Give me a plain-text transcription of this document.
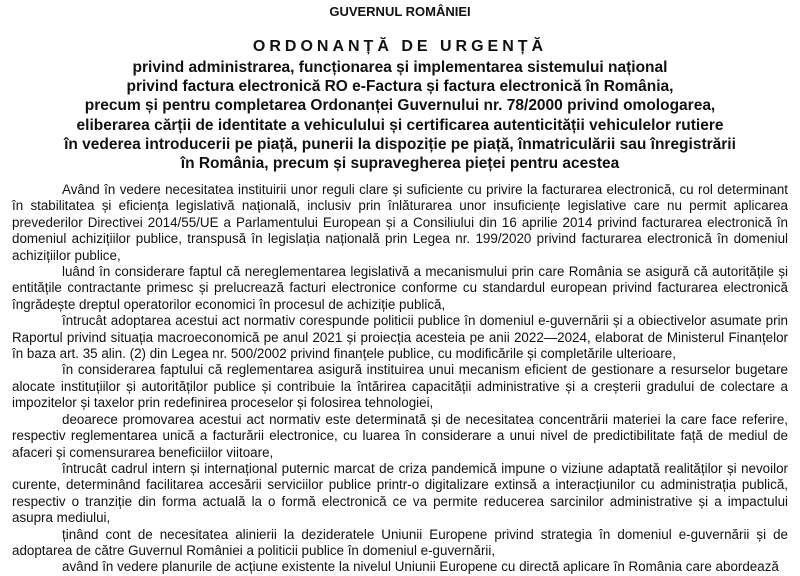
GUVERNUL ROMÂNIEI
ORDONANȚĂ DE URGENȚĂ
privind administrarea, funcționarea și implementarea sistemului național
privind factura electronică RO e-Factura și factura electronică în România,
precum și pentru completarea Ordonanței Guvernului nr. 78/2000 privind omologarea,
eliberarea cărții de identitate a vehiculului și certificarea autenticității vehiculelor rutiere
în vederea introducerii pe piață, punerii la dispoziție pe piață, înmatriculării sau înregistrării
în România, precum și supravegherea pieței pentru acestea

Având în vedere necesitatea instituirii unor reguli clare și suficiente cu privire la facturarea electronică, cu rol determinant în stabilitatea și eficiența legislativă națională, inclusiv prin înlăturarea unor insuficiențe legislative care nu permit aplicarea prevederilor Directivei 2014/55/UE a Parlamentului European și a Consiliului din 16 aprilie 2014 privind facturarea electronică în domeniul achizițiilor publice, transpusă în legislația națională prin Legea nr. 199/2020 privind facturarea electronică în domeniul achizițiilor publice,

luând în considerare faptul că nereglementarea legislativă a mecanismului prin care România se asigură că autoritățile și entitățile contractante primesc și prelucrează facturi electronice conforme cu standardul european privind facturarea electronică îngrădește dreptul operatorilor economici în procesul de achiziție publică,

întrucât adoptarea acestui act normativ corespunde politicii publice în domeniul e-guvernării și a obiectivelor asumate prin Raportul privind situația macroeconomică pe anul 2021 și proiecția acesteia pe anii 2022—2024, elaborat de Ministerul Finanțelor în baza art. 35 alin. (2) din Legea nr. 500/2002 privind finanțele publice, cu modificările și completările ulterioare,

în considerarea faptului că reglementarea asigură instituirea unui mecanism eficient de gestionare a resurselor bugetare alocate instituțiilor și autorităților publice și contribuie la întărirea capacității administrative și a creșterii gradului de colectare a impozitelor și taxelor prin redefinirea proceselor și folosirea tehnologiei,

deoarece promovarea acestui act normativ este determinată și de necesitatea concentrării materiei la care face referire, respectiv reglementarea unică a facturării electronice, cu luarea în considerare a unui nivel de predictibilitate față de mediul de afaceri și comensurarea beneficiilor viitoare,

întrucât cadrul intern și internațional puternic marcat de criza pandemică impune o viziune adaptată realităților și nevoilor curente, determinând facilitarea accesării serviciilor publice printr-o digitalizare extinsă a interacțiunilor cu administrația publică, respectiv o tranziție din forma actuală la o formă electronică ce va permite reducerea sarcinilor administrative și a impactului asupra mediului,

ținând cont de necesitatea alinierii la dezideratele Uniunii Europene privind strategia în domeniul e-guvernării și de adoptarea de către Guvernul României a politicii publice în domeniul e-guvernării,

având în vedere planurile de acțiune existente la nivelul Uniunii Europene cu directă aplicare în România care abordează
